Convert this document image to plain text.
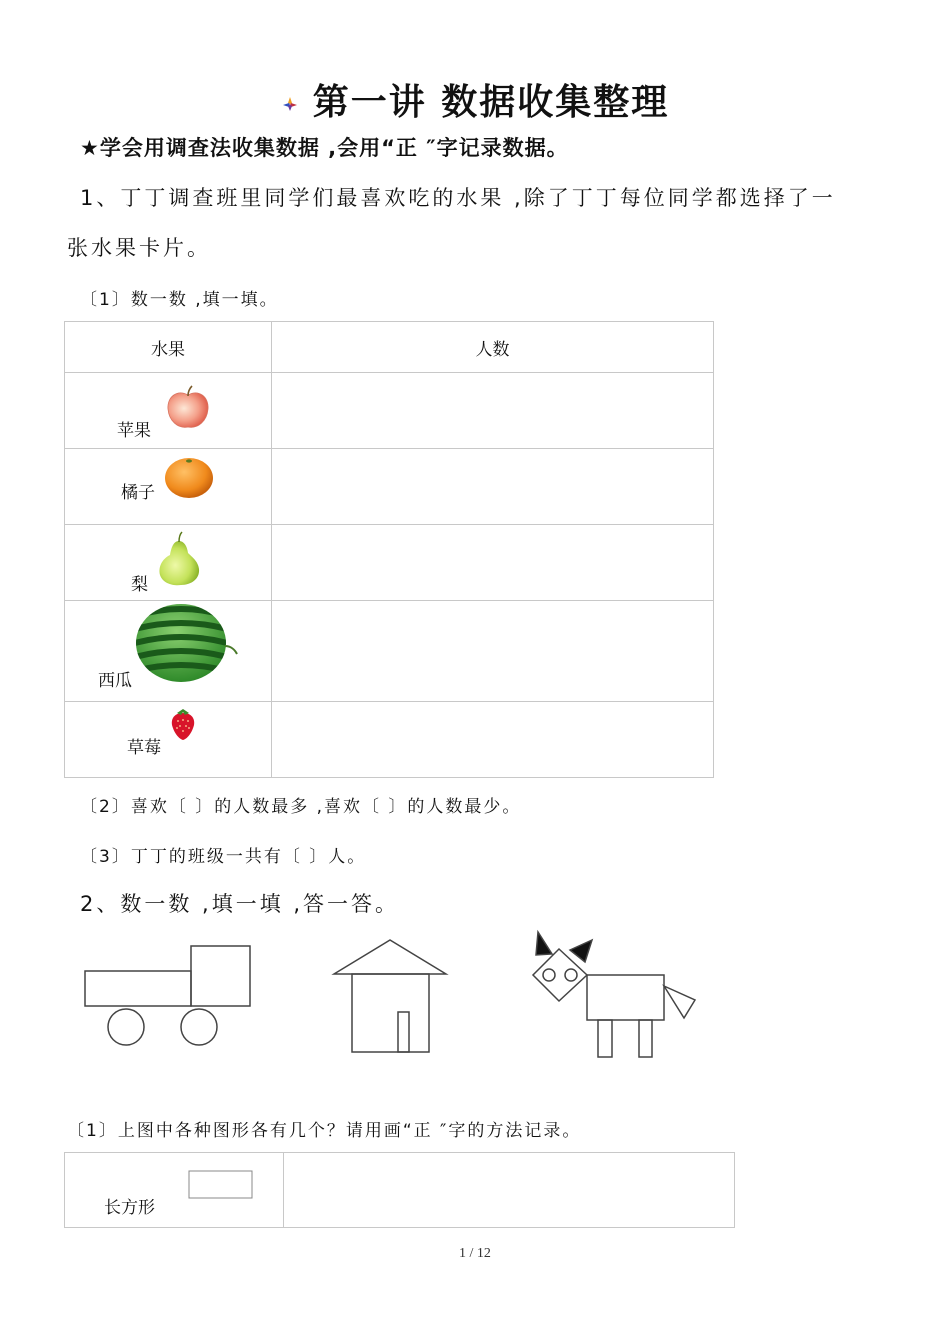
第一讲 数据收集整理
★学会用调查法收集数据 ,会用“正 ″字记录数据。
1、丁丁调查班里同学们最喜欢吃的水果 ,除了丁丁每位同学都选择了一
张水果卡片。
〔1〕数一数 ,填一填。
水果	人数

苹果	

橘子	

梨	

西瓜	

草莓	

〔2〕喜欢〔 〕的人数最多 ,喜欢〔 〕的人数最少。
〔3〕丁丁的班级一共有〔 〕人。
2、数一数 ,填一填 ,答一答。
〔1〕上图中各种图形各有几个？请用画“正 ″字的方法记录。
长方形

1 / 12
